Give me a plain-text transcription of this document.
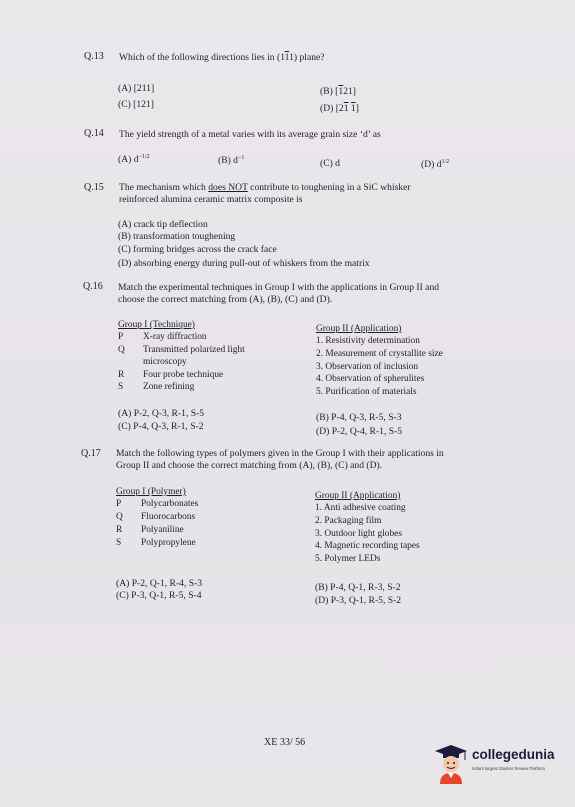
Q.13 Which of the following directions lies in (111) plane?
(A) [211]	(B) [121]
(C) [121]	(D) [21 1]
Q.14 The yield strength of a metal varies with its average grain size ‘d’ as
(A) $d^{-1/2}$	(B) $d^{-1}$	(C) d	(D) $d^{1/2}$
Q.15 The mechanism which does NOT contribute to toughening in a SiC whisker
reinforced alumina ceramic matrix composite is
(A) crack tip deflection
(B) transformation toughening
(C) forming bridges across the crack face
(D) absorbing energy during pull-out of whiskers from the matrix
Q.16 Match the experimental techniques in Group I with the applications in Group II and
choose the correct matching from (A), (B), (C) and (D).
Group I (Technique)
P X-ray diffraction
Q Transmitted polarized light
microscopy
R Four probe technique
S Zone refining
Group II (Application)
1. Resistivity determination
2. Measurement of crystallite size
3. Observation of inclusion
4. Observation of spherulites
5. Purification of materials
(A) P-2, Q-3, R-1, S-5
(C) P-4, Q-3, R-1, S-2
(B) P-4, Q-3, R-5, S-3
(D) P-2, Q-4, R-1, S-5
Q.17 Match the following types of polymers given in the Group I with their applications in
Group II and choose the correct matching from (A), (B), (C) and (D).
Group I (Polymer)
P Polycarbonates
Q Fluorocarbons
R Polyaniline
S Polypropylene
Group II (Application)
1. Anti adhesive coating
2. Packaging film
3. Outdoor light globes
4. Magnetic recording tapes
5. Polymer LEDs
(A) P-2, Q-1, R-4, S-3
(C) P-3, Q-1, R-5, S-4
(B) P-4, Q-1, R-3, S-2
(D) P-3, Q-1, R-5, S-2
XE 33/ 56
collegedunia
India's largest Student Review Platform
